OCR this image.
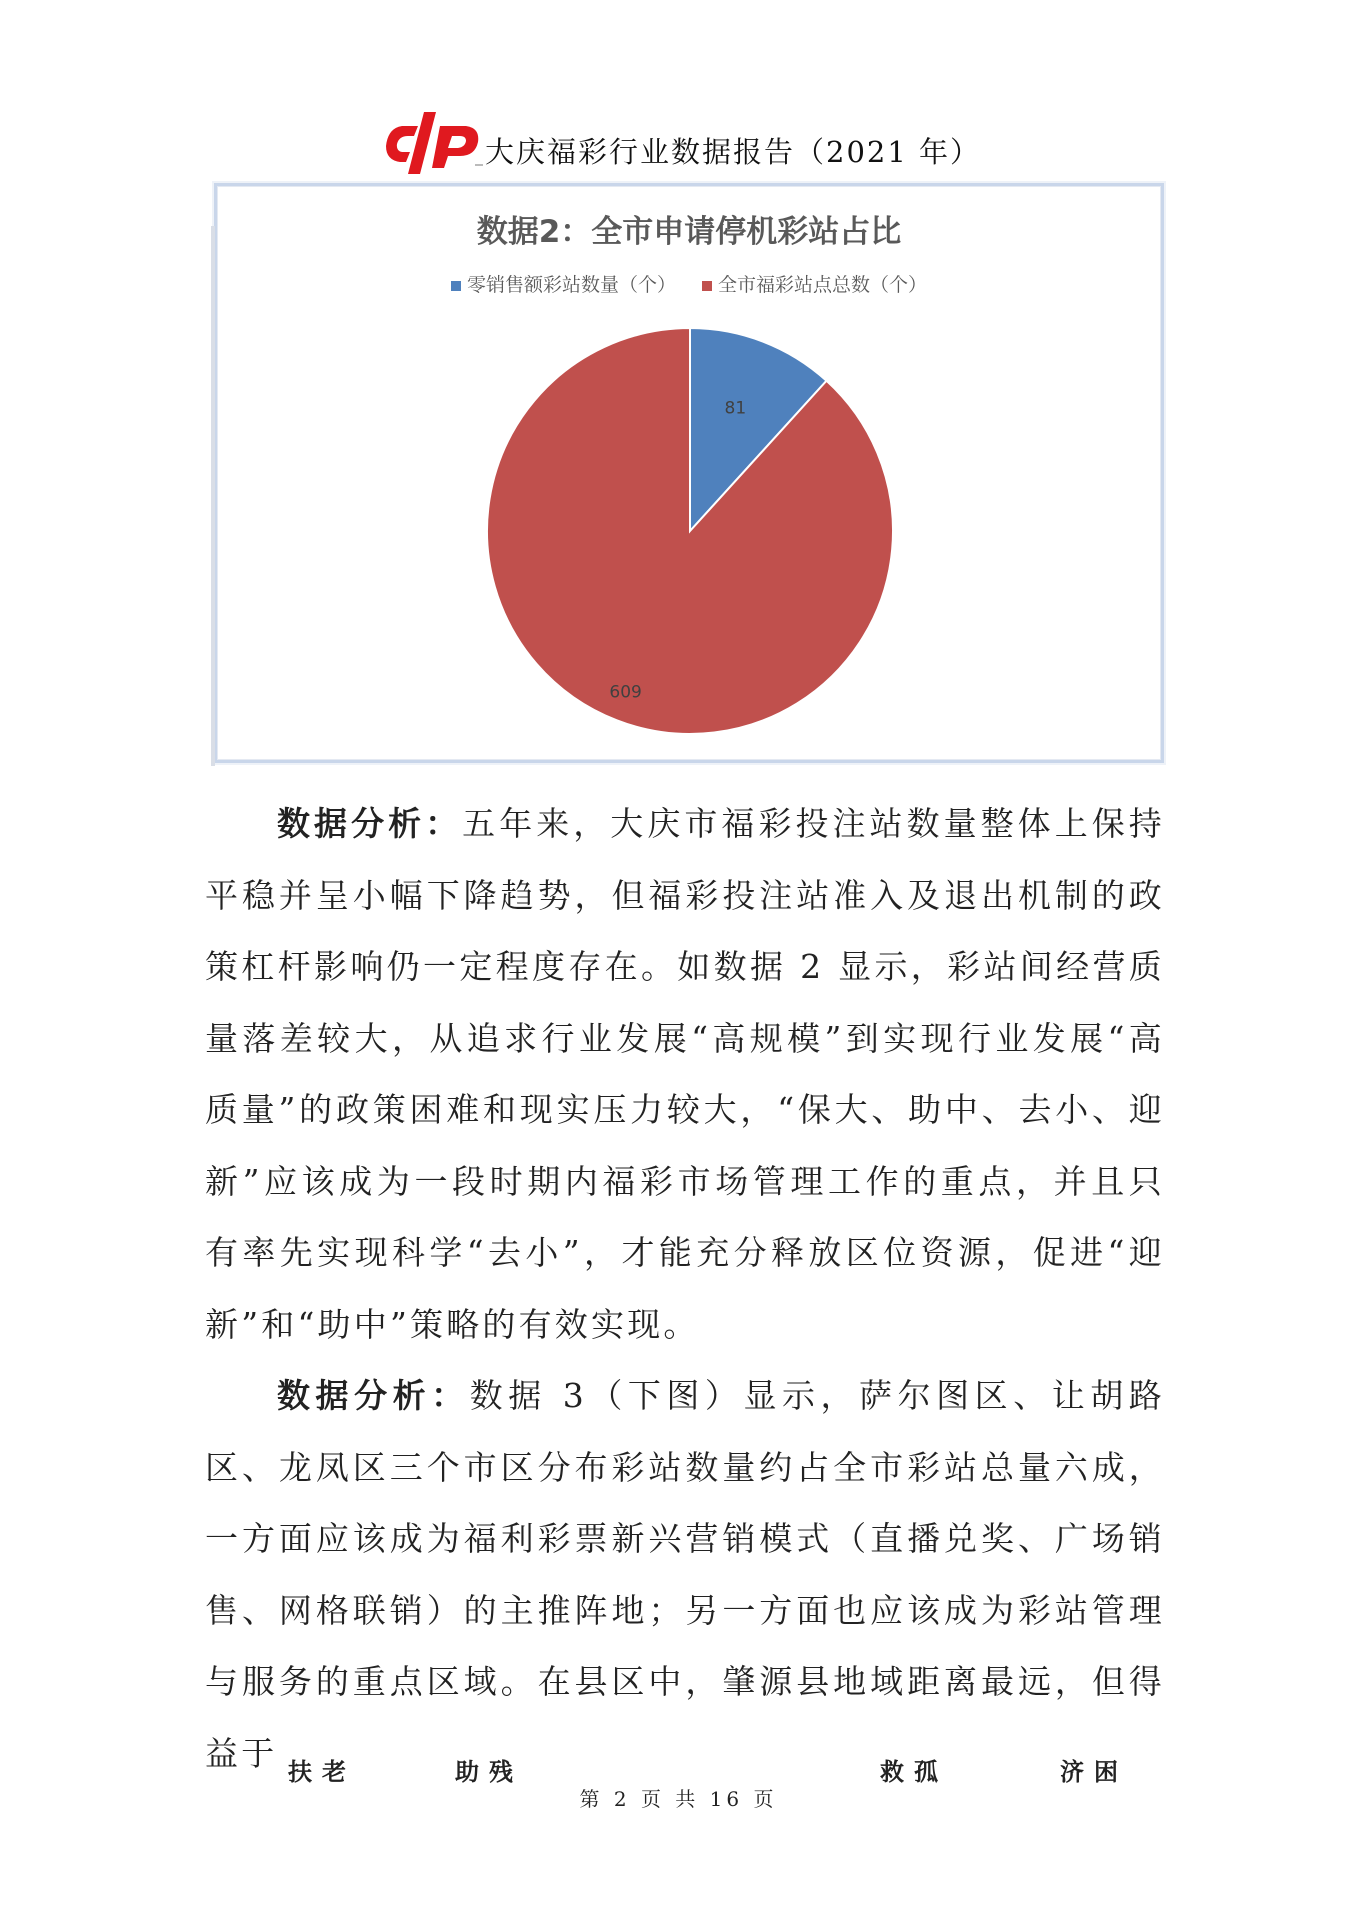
大庆福彩行业数据报告（2021 年）
数据2：全市申请停机彩站占比
零销售额彩站数量（个） 全市福彩站点总数（个）
81
609

数据分析：五年来，大庆市福彩投注站数量整体上保持平稳并呈小幅下降趋势，但福彩投注站准入及退出机制的政策杠杆影响仍一定程度存在。如数据 2 显示，彩站间经营质量落差较大，从追求行业发展“高规模”到实现行业发展“高质量”的政策困难和现实压力较大，“保大、助中、去小、迎新”应该成为一段时期内福彩市场管理工作的重点，并且只有率先实现科学“去小”，才能充分释放区位资源，促进“迎新”和“助中”策略的有效实现。

数据分析：数据 3（下图）显示，萨尔图区、让胡路区、龙凤区三个市区分布彩站数量约占全市彩站总量六成，一方面应该成为福利彩票新兴营销模式（直播兑奖、广场销售、网格联销）的主推阵地；另一方面也应该成为彩站管理与服务的重点区域。在县区中，肇源县地域距离最远，但得益于 扶老	助残	救孤	济困
第 2 页 共 16 页
